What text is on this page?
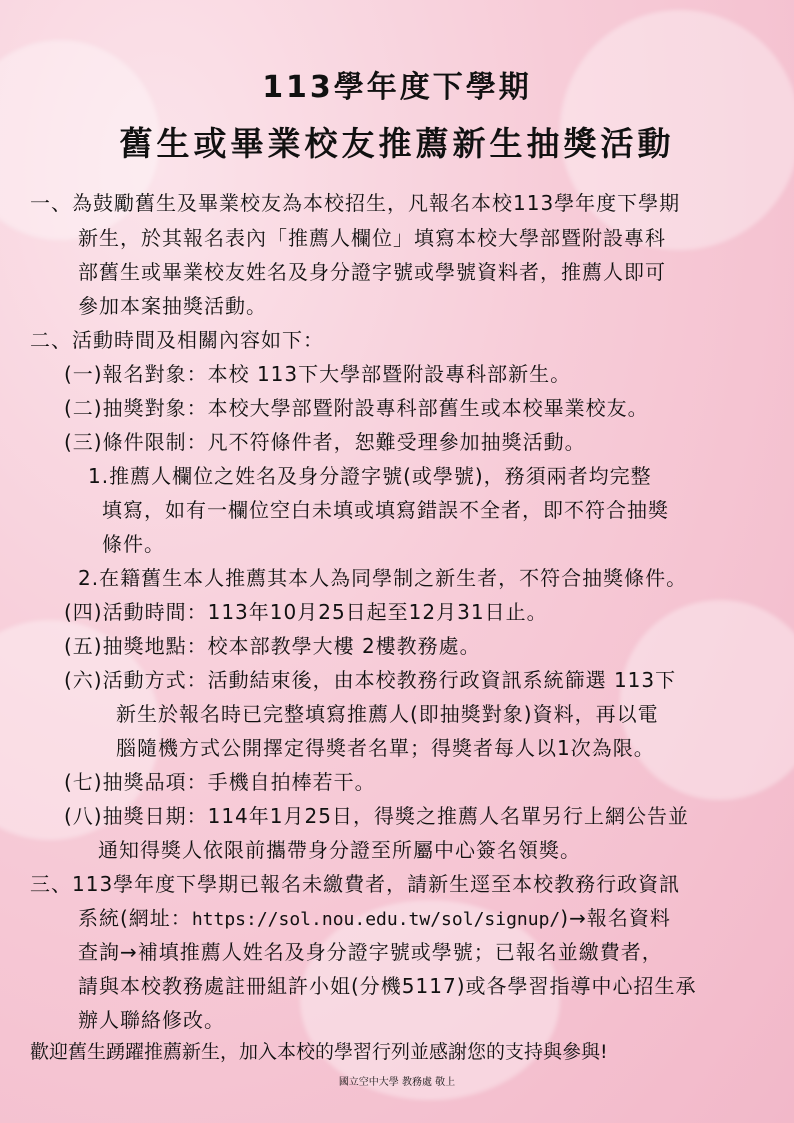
113學年度下學期
舊生或畢業校友推薦新生抽獎活動
一、為鼓勵舊生及畢業校友為本校招生，凡報名本校113學年度下學期
新生，於其報名表內「推薦人欄位」填寫本校大學部暨附設專科
部舊生或畢業校友姓名及身分證字號或學號資料者，推薦人即可
參加本案抽獎活動。
二、活動時間及相關內容如下：
(一)報名對象：本校 113下大學部暨附設專科部新生。
(二)抽獎對象：本校大學部暨附設專科部舊生或本校畢業校友。
(三)條件限制：凡不符條件者，恕難受理參加抽獎活動。
1.推薦人欄位之姓名及身分證字號(或學號)，務須兩者均完整
填寫，如有一欄位空白未填或填寫錯誤不全者，即不符合抽獎
條件。
2.在籍舊生本人推薦其本人為同學制之新生者，不符合抽獎條件。
(四)活動時間：113年10月25日起至12月31日止。
(五)抽獎地點：校本部教學大樓 2樓教務處。
(六)活動方式：活動結束後，由本校教務行政資訊系統篩選 113下
新生於報名時已完整填寫推薦人(即抽獎對象)資料，再以電
腦隨機方式公開擇定得獎者名單；得獎者每人以1次為限。
(七)抽獎品項：手機自拍棒若干。
(八)抽獎日期：114年1月25日，得獎之推薦人名單另行上網公告並
通知得獎人依限前攜帶身分證至所屬中心簽名領獎。
三、113學年度下學期已報名未繳費者，請新生逕至本校教務行政資訊
系統(網址：https://sol.nou.edu.tw/sol/signup/)→報名資料
查詢→補填推薦人姓名及身分證字號或學號；已報名並繳費者，
請與本校教務處註冊組許小姐(分機5117)或各學習指導中心招生承
辦人聯絡修改。
歡迎舊生踴躍推薦新生，加入本校的學習行列並感謝您的支持與參與!
國立空中大學 教務處 敬上
